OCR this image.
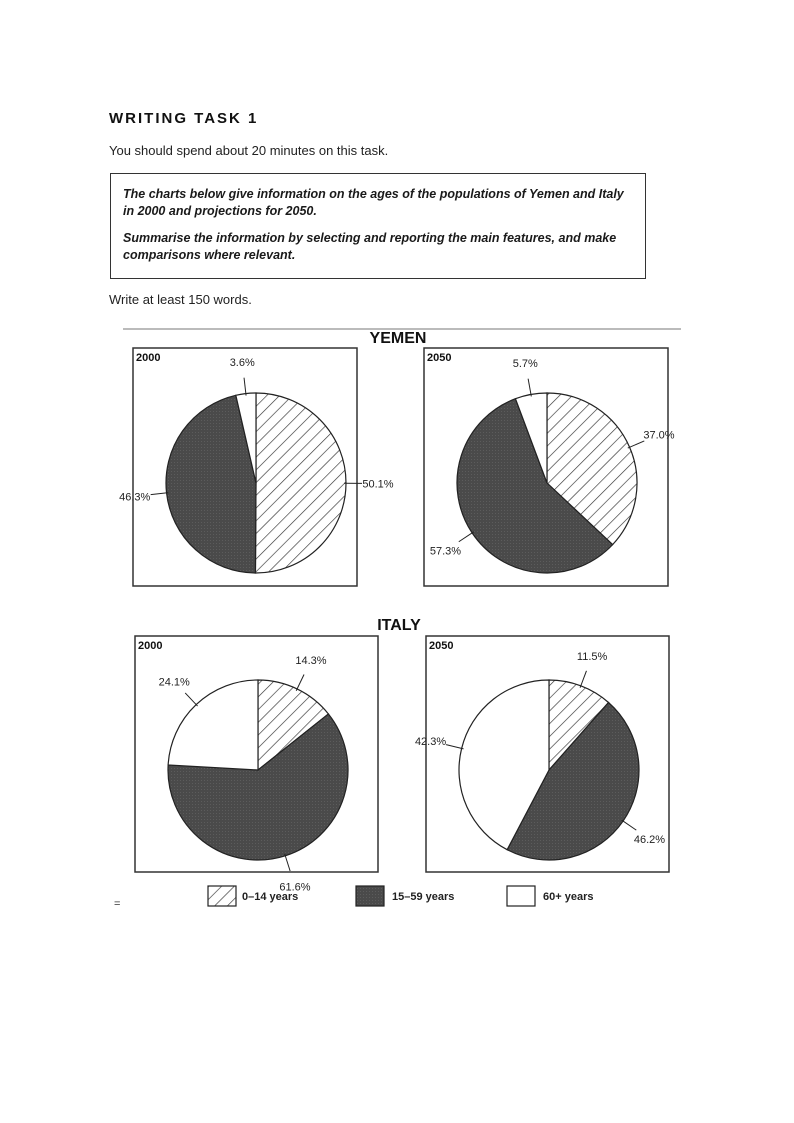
WRITING TASK 1
You should spend about 20 minutes on this task.

The charts below give information on the ages of the populations of Yemen and Italy in 2000 and projections for 2050.

Summarise the information by selecting and reporting the main features, and make comparisons where relevant.

Write at least 150 words.
=
YEMEN
ITALY
2000
50.1%
46.3%
3.6%	2050
37.0%
57.3%
5.7%
2000
14.3%
61.6%
24.1%
2050
11.5%
46.2%
42.3%
0–14 years	15–59 years	60+ years
